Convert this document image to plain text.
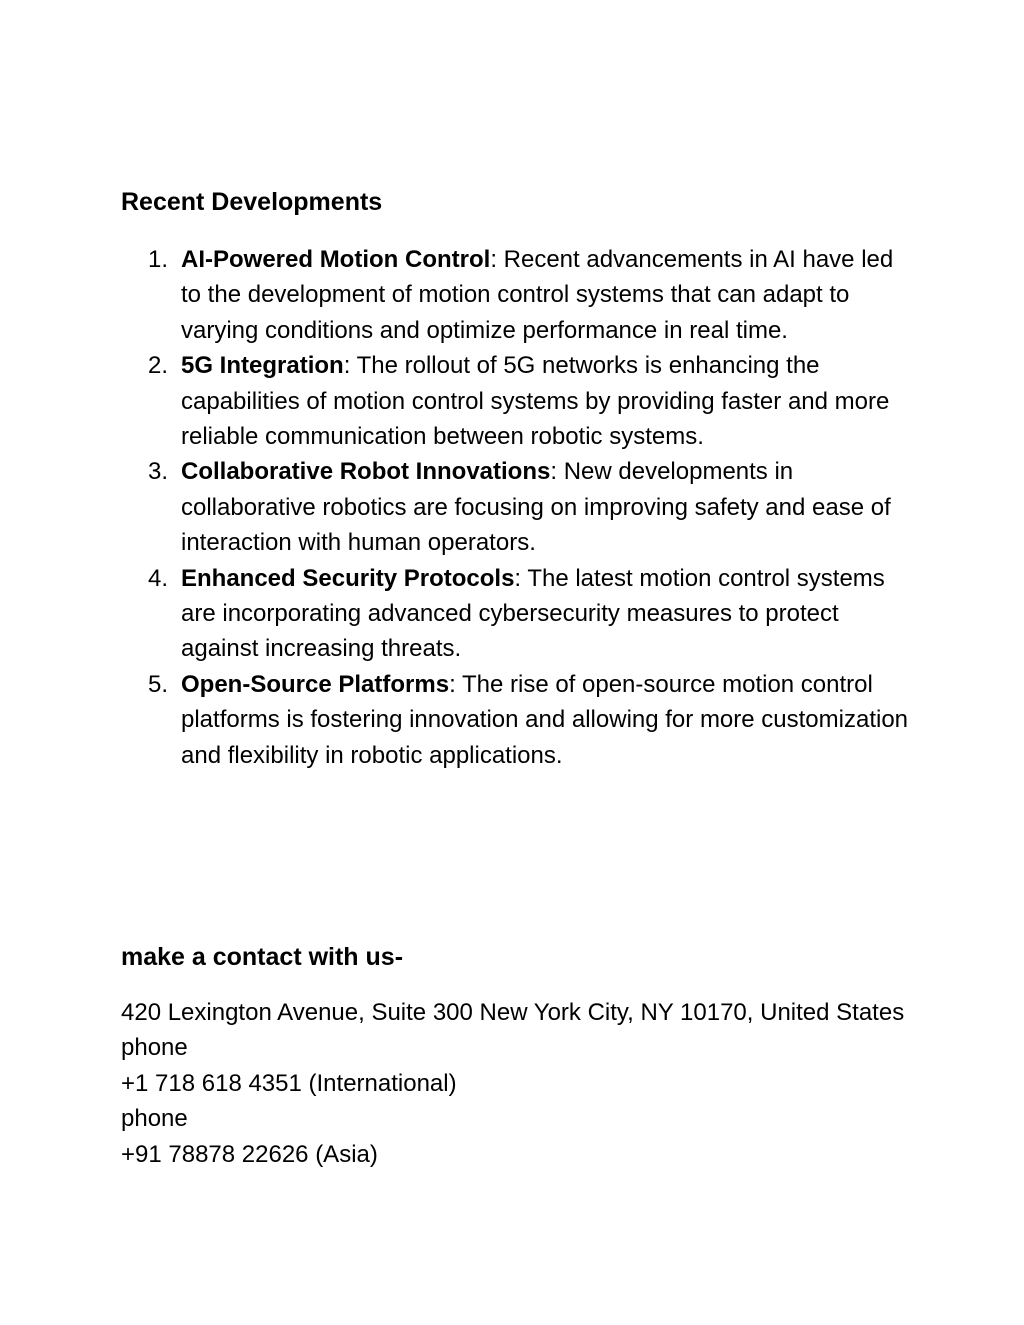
Recent Developments
1. AI-Powered Motion Control: Recent advancements in AI have led to the development of motion control systems that can adapt to varying conditions and optimize performance in real time.
2. 5G Integration: The rollout of 5G networks is enhancing the capabilities of motion control systems by providing faster and more reliable communication between robotic systems.
3. Collaborative Robot Innovations: New developments in collaborative robotics are focusing on improving safety and ease of interaction with human operators.
4. Enhanced Security Protocols: The latest motion control systems are incorporating advanced cybersecurity measures to protect against increasing threats.
5. Open-Source Platforms: The rise of open-source motion control platforms is fostering innovation and allowing for more customization and flexibility in robotic applications.
make a contact with us-
420 Lexington Avenue, Suite 300 New York City, NY 10170, United States
phone
+1 718 618 4351 (International)
phone
+91 78878 22626 (Asia)
